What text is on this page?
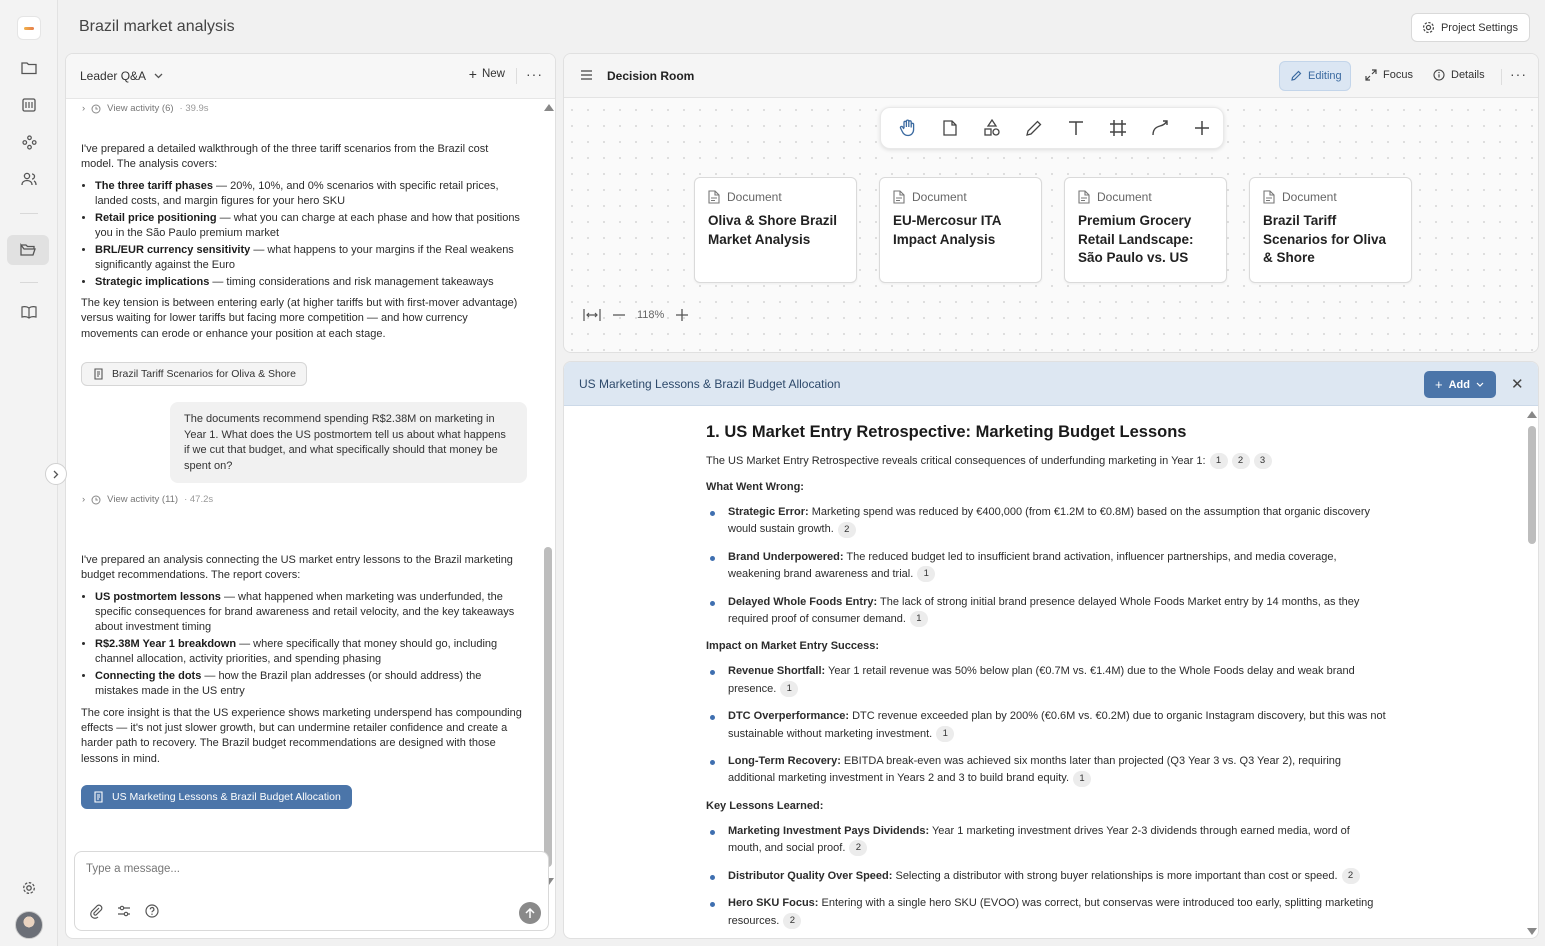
Brazil market analysis	Project Settings
Leader Q&A	+ New ···
› View activity (6) · 39.9s

I've prepared a detailed walkthrough of the three tariff scenarios from the Brazil cost model. The analysis covers:

• The three tariff phases — 20%, 10%, and 0% scenarios with specific retail prices, landed costs, and margin figures for your hero SKU
• Retail price positioning — what you can charge at each phase and how that positions you in the São Paulo premium market
• BRL/EUR currency sensitivity — what happens to your margins if the Real weakens significantly against the Euro
• Strategic implications — timing considerations and risk management takeaways

The key tension is between entering early (at higher tariffs but with first-mover advantage) versus waiting for lower tariffs but facing more competition — and how currency movements can erode or enhance your position at each stage.

Brazil Tariff Scenarios for Oliva & Shore
The documents recommend spending R$2.38M on marketing in Year 1. What does the US postmortem tell us about what happens if we cut that budget, and what specifically should that money be spent on?
› View activity (11) · 47.2s

I've prepared an analysis connecting the US market entry lessons to the Brazil marketing budget recommendations. The report covers:

• US postmortem lessons — what happened when marketing was underfunded, the specific consequences for brand awareness and retail velocity, and the key takeaways about investment timing
• R$2.38M Year 1 breakdown — where specifically that money should go, including channel allocation, activity priorities, and spending phasing
• Connecting the dots — how the Brazil plan addresses (or should address) the mistakes made in the US entry

The core insight is that the US experience shows marketing underspend has compounding effects — it's not just slower growth, but can undermine retailer confidence and create a harder path to recovery. The Brazil budget recommendations are designed with those lessons in mind.

US Marketing Lessons & Brazil Budget Allocation
Type a message...
Decision Room	Editing	Focus	Details ···
Document
Oliva & Shore Brazil Market Analysis
Document
EU-Mercosur ITA Impact Analysis
Document
Premium Grocery Retail Landscape: São Paulo vs. US
Document
Brazil Tariff Scenarios for Oliva & Shore
118%
US Marketing Lessons & Brazil Budget Allocation	+ Add	✕
1. US Market Entry Retrospective: Marketing Budget Lessons

The US Market Entry Retrospective reveals critical consequences of underfunding marketing in Year 1: 1 2 3

What Went Wrong:

Strategic Error: Marketing spend was reduced by €400,000 (from €1.2M to €0.8M) based on the assumption that organic discovery would sustain growth. 2
Brand Underpowered: The reduced budget led to insufficient brand activation, influencer partnerships, and media coverage, weakening brand awareness and trial. 1
Delayed Whole Foods Entry: The lack of strong initial brand presence delayed Whole Foods Market entry by 14 months, as they required proof of consumer demand. 1

Impact on Market Entry Success:

Revenue Shortfall: Year 1 retail revenue was 50% below plan (€0.7M vs. €1.4M) due to the Whole Foods delay and weak brand presence. 1
DTC Overperformance: DTC revenue exceeded plan by 200% (€0.6M vs. €0.2M) due to organic Instagram discovery, but this was not sustainable without marketing investment. 1
Long-Term Recovery: EBITDA break-even was achieved six months later than projected (Q3 Year 3 vs. Q3 Year 2), requiring additional marketing investment in Years 2 and 3 to build brand equity. 1

Key Lessons Learned:

Marketing Investment Pays Dividends: Year 1 marketing investment drives Year 2-3 dividends through earned media, word of mouth, and social proof. 2
Distributor Quality Over Speed: Selecting a distributor with strong buyer relationships is more important than cost or speed. 2
Hero SKU Focus: Entering with a single hero SKU (EVOO) was correct, but conservas were introduced too early, splitting marketing resources. 2
